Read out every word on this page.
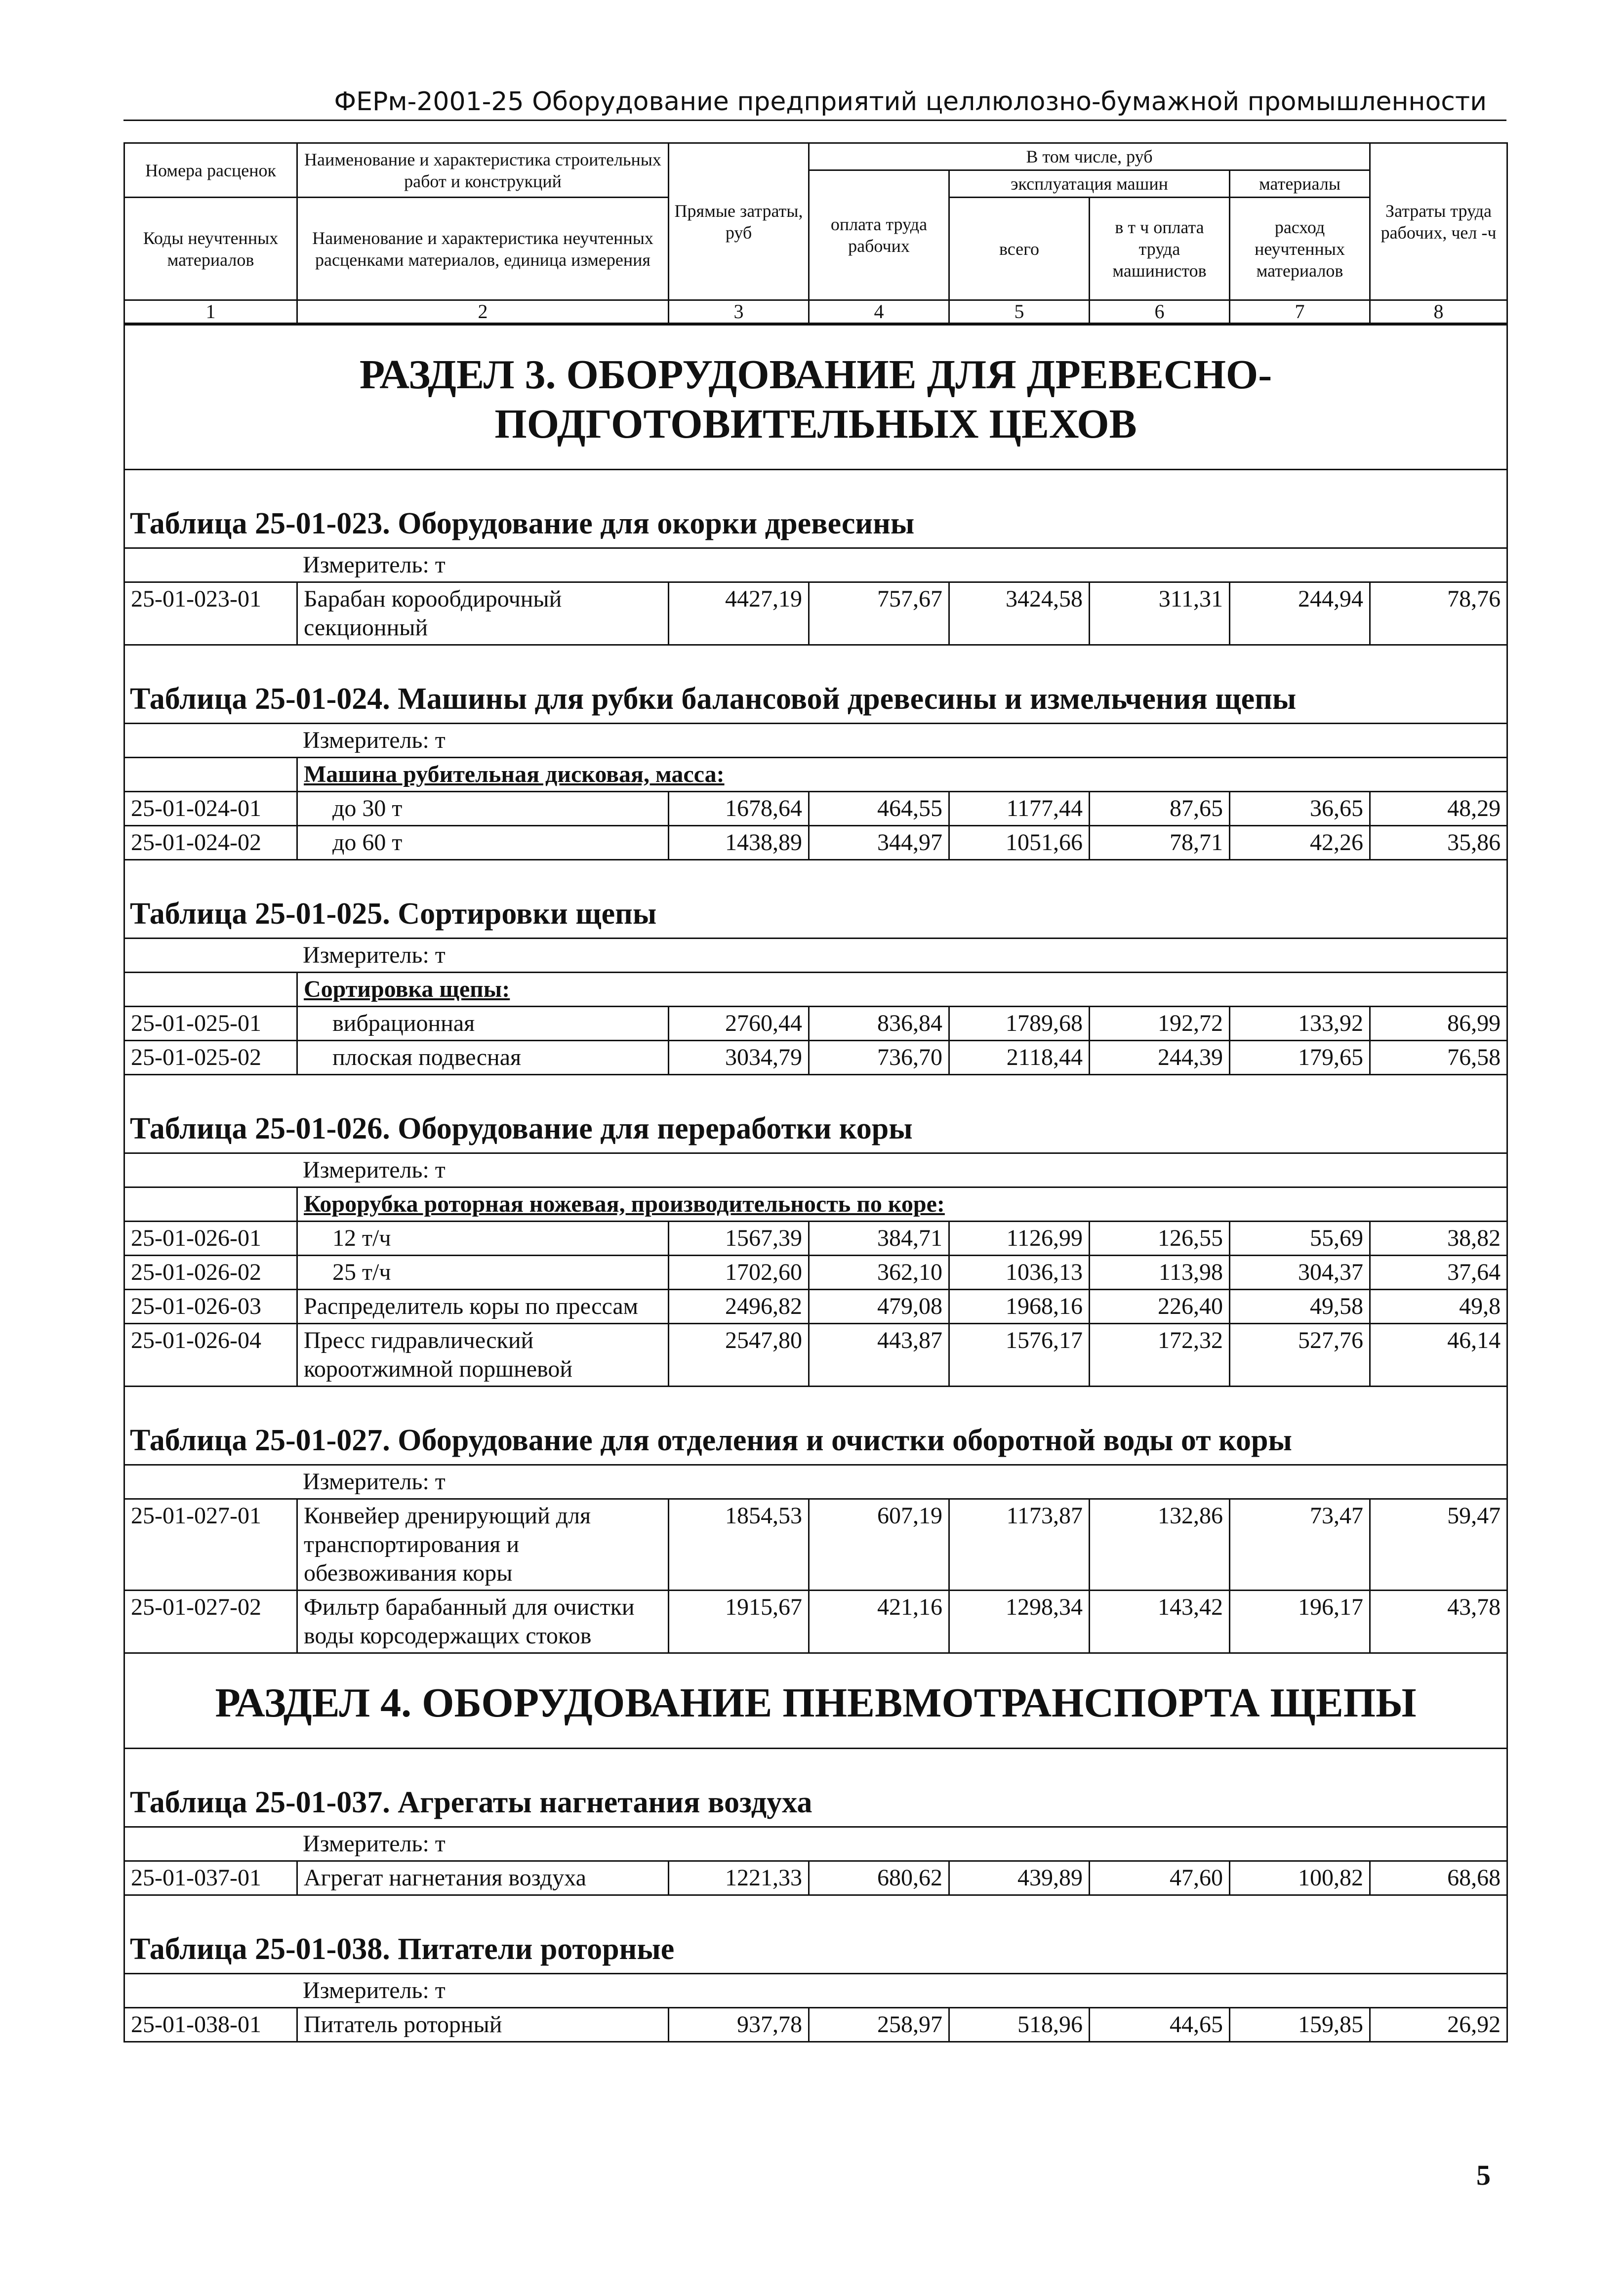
ФЕРм-2001-25 Оборудование предприятий целлюлозно-бумажной промышленности
Номера расценок	Наименование и характеристика строительных работ и конструкций	Прямые затраты, руб	В том числе, руб				Затраты труда рабочих, чел -ч
			оплата труда рабочих	эксплуатация машин		материалы	
Коды неучтенных материалов	Наименование и характеристика неучтенных расценками материалов, единица измерения			всего	в т ч оплата труда машинистов	расход неучтенных материалов	

1	2	3	4	5	6	7	8
РАЗДЕЛ 3. ОБОРУДОВАНИЕ ДЛЯ ДРЕВЕСНО-ПОДГОТОВИТЕЛЬНЫХ ЦЕХОВ							
Таблица 25-01-023. Оборудование для окорки древесины							
Измеритель: т							
25-01-023-01	Барабан корообдирочный секционный	4427,19	757,67	3424,58	311,31	244,94	78,76
Таблица 25-01-024. Машины для рубки балансовой древесины и измельчения щепы							
Измеритель: т							
	Машина рубительная дисковая, масса:						
25-01-024-01	до 30 т	1678,64	464,55	1177,44	87,65	36,65	48,29
25-01-024-02	до 60 т	1438,89	344,97	1051,66	78,71	42,26	35,86
Таблица 25-01-025. Сортировки щепы							
Измеритель: т							
	Сортировка щепы:						
25-01-025-01	вибрационная	2760,44	836,84	1789,68	192,72	133,92	86,99
25-01-025-02	плоская подвесная	3034,79	736,70	2118,44	244,39	179,65	76,58
Таблица 25-01-026. Оборудование для переработки коры							
Измеритель: т							
	Корорубка роторная ножевая, производительность по коре:						
25-01-026-01	12 т/ч	1567,39	384,71	1126,99	126,55	55,69	38,82
25-01-026-02	25 т/ч	1702,60	362,10	1036,13	113,98	304,37	37,64
25-01-026-03	Распределитель коры по прессам	2496,82	479,08	1968,16	226,40	49,58	49,8
25-01-026-04	Пресс гидравлический короотжимной поршневой	2547,80	443,87	1576,17	172,32	527,76	46,14
Таблица 25-01-027. Оборудование для отделения и очистки оборотной воды от коры							
Измеритель: т							
25-01-027-01	Конвейер дренирующий для транспортирования и обезвоживания коры	1854,53	607,19	1173,87	132,86	73,47	59,47
25-01-027-02	Фильтр барабанный для очистки воды корсодержащих стоков	1915,67	421,16	1298,34	143,42	196,17	43,78
РАЗДЕЛ 4. ОБОРУДОВАНИЕ ПНЕВМОТРАНСПОРТА ЩЕПЫ							
Таблица 25-01-037. Агрегаты нагнетания воздуха							
Измеритель: т							
25-01-037-01	Агрегат нагнетания воздуха	1221,33	680,62	439,89	47,60	100,82	68,68
Таблица 25-01-038. Питатели роторные							
Измеритель: т							
25-01-038-01	Питатель роторный	937,78	258,97	518,96	44,65	159,85	26,92
5
